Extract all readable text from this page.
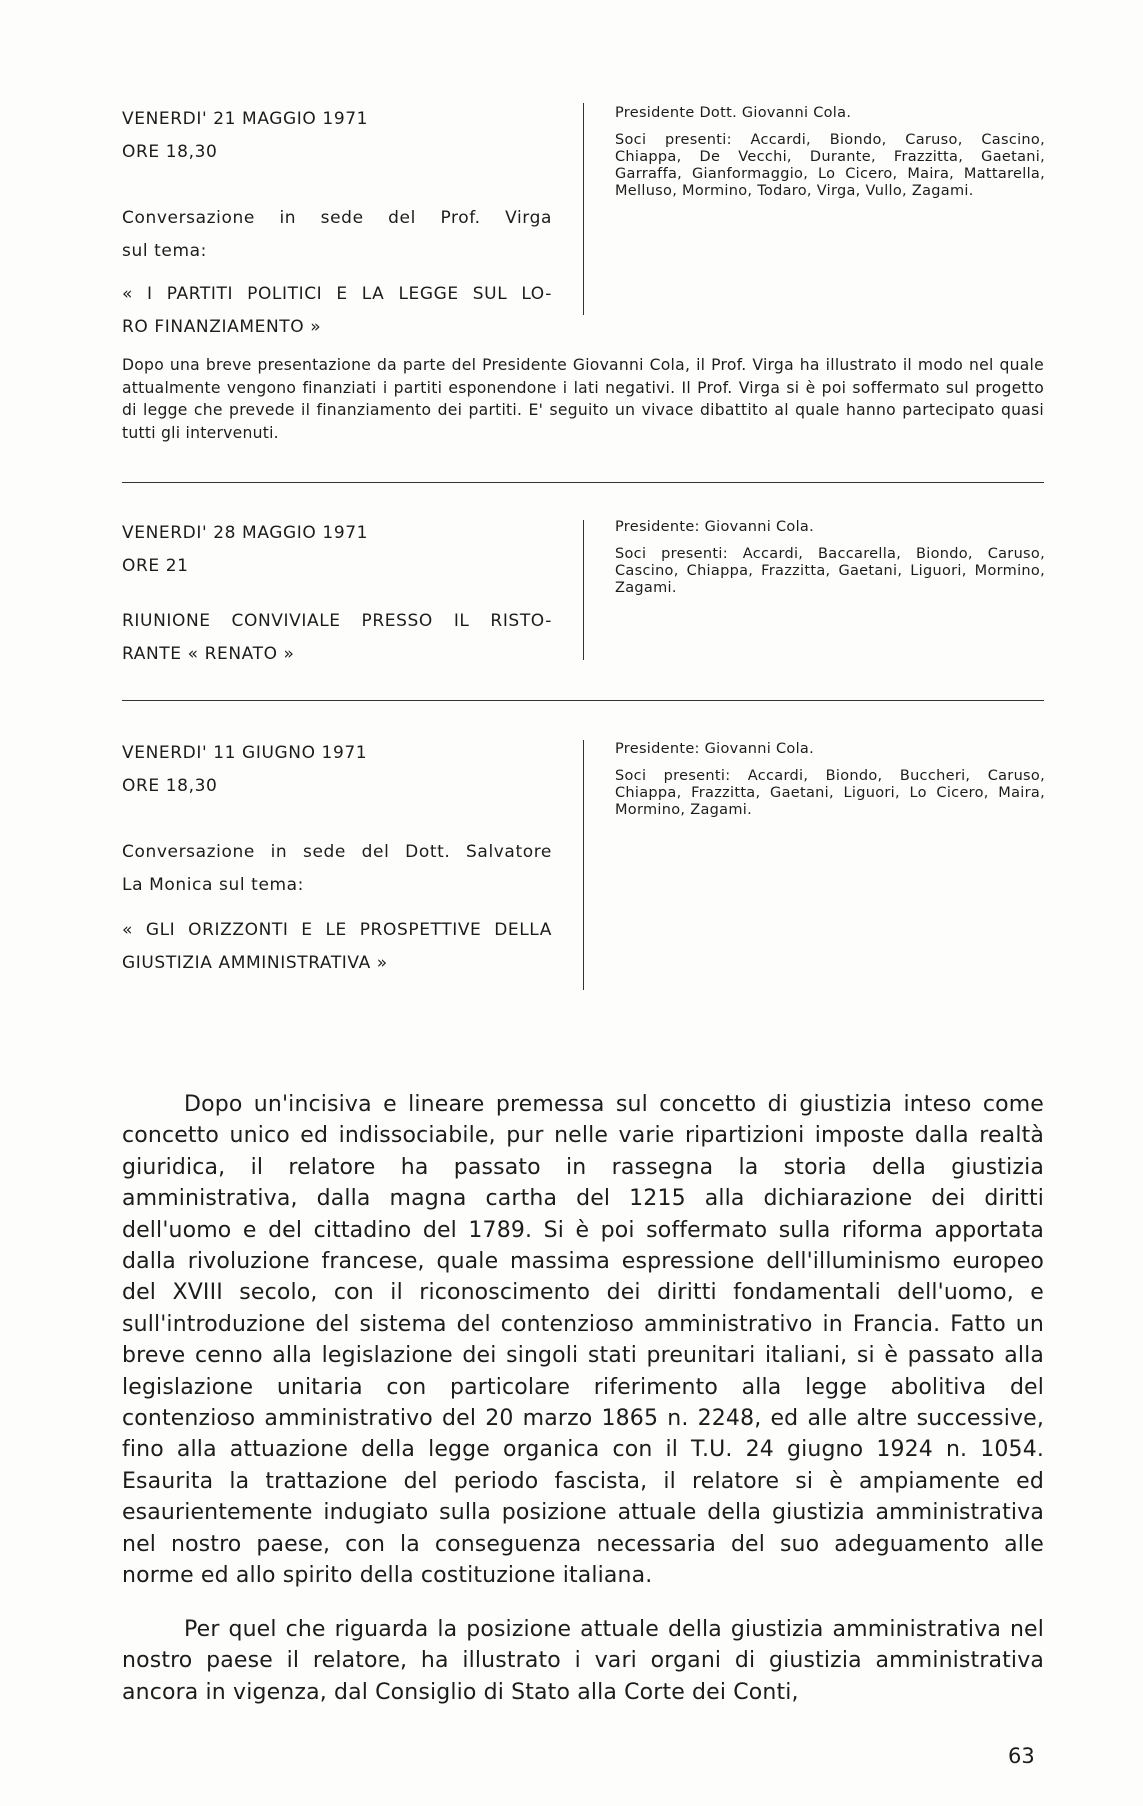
VENERDI' 21 MAGGIO 1971
ORE 18,30
Conversazione in sede del Prof. Virga
sul tema:
« I PARTITI POLITICI E LA LEGGE SUL LO-
RO FINANZIAMENTO »
Presidente Dott. Giovanni Cola.
Soci presenti: Accardi, Biondo, Caruso, Cascino, Chiappa, De Vecchi, Durante, Frazzitta, Gaetani, Garraffa, Gianformaggio, Lo Cicero, Maira, Mattarella, Melluso, Mormino, Todaro, Virga, Vullo, Zagami.
Dopo una breve presentazione da parte del Presidente Giovanni Cola, il Prof. Virga ha illustrato il modo nel quale attualmente vengono finanziati i partiti esponendone i lati negativi. Il Prof. Virga si è poi soffermato sul progetto di legge che prevede il finanziamento dei partiti. E' seguito un vivace dibattito al quale hanno partecipato quasi tutti gli intervenuti.
VENERDI' 28 MAGGIO 1971
ORE 21
RIUNIONE CONVIVIALE PRESSO IL RISTO-
RANTE « RENATO »
Presidente: Giovanni Cola.
Soci presenti: Accardi, Baccarella, Biondo, Caruso, Cascino, Chiappa, Frazzitta, Gaetani, Liguori, Mormino, Zagami.
VENERDI' 11 GIUGNO 1971
ORE 18,30
Conversazione in sede del Dott. Salvatore
La Monica sul tema:
« GLI ORIZZONTI E LE PROSPETTIVE DELLA
GIUSTIZIA AMMINISTRATIVA »
Presidente: Giovanni Cola.
Soci presenti: Accardi, Biondo, Buccheri, Caruso, Chiappa, Frazzitta, Gaetani, Liguori, Lo Cicero, Maira, Mormino, Zagami.
Dopo un'incisiva e lineare premessa sul concetto di giustizia inteso come concetto unico ed indissociabile, pur nelle varie ripartizioni imposte dalla realtà giuridica, il relatore ha passato in rassegna la storia della giustizia amministrativa, dalla magna cartha del 1215 alla dichiarazione dei diritti dell'uomo e del cittadino del 1789. Si è poi soffermato sulla riforma apportata dalla rivoluzione francese, quale massima espressione dell'illuminismo europeo del XVIII secolo, con il riconoscimento dei diritti fondamentali dell'uomo, e sull'introduzione del sistema del contenzioso amministrativo in Francia. Fatto un breve cenno alla legislazione dei singoli stati preunitari italiani, si è passato alla legislazione unitaria con particolare riferimento alla legge abolitiva del contenzioso amministrativo del 20 marzo 1865 n. 2248, ed alle altre successive, fino alla attuazione della legge organica con il T.U. 24 giugno 1924 n. 1054. Esaurita la trattazione del periodo fascista, il relatore si è ampiamente ed esaurientemente indugiato sulla posizione attuale della giustizia amministrativa nel nostro paese, con la conseguenza necessaria del suo adeguamento alle norme ed allo spirito della costituzione italiana.
Per quel che riguarda la posizione attuale della giustizia amministrativa nel nostro paese il relatore, ha illustrato i vari organi di giustizia amministrativa ancora in vigenza, dal Consiglio di Stato alla Corte dei Conti,
63
